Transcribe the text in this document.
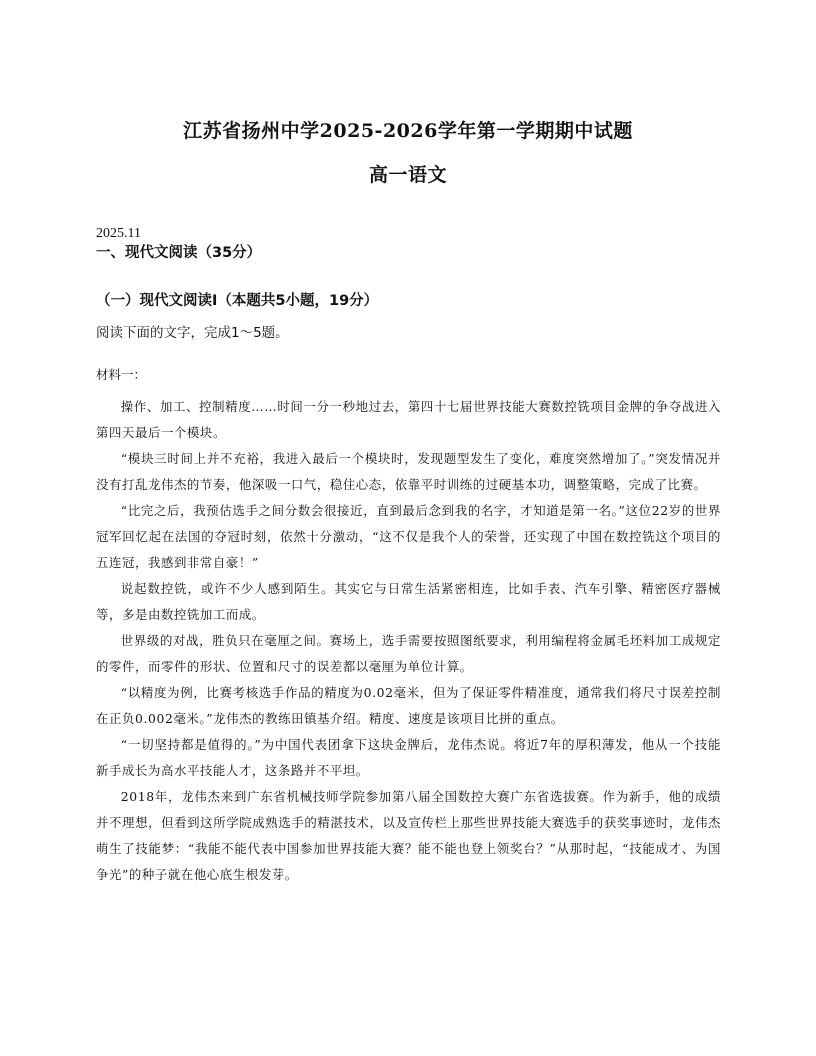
江苏省扬州中学2025-2026学年第一学期期中试题
高一语文
2025.11
一、现代文阅读（35分）
（一）现代文阅读Ⅰ（本题共5小题，19分）
阅读下面的文字，完成1～5题。
材料一：

操作、加工、控制精度……时间一分一秒地过去，第四十七届世界技能大赛数控铣项目金牌的争夺战进入第四天最后一个模块。

“模块三时间上并不充裕，我进入最后一个模块时，发现题型发生了变化，难度突然增加了。”突发情况并没有打乱龙伟杰的节奏，他深吸一口气，稳住心态，依靠平时训练的过硬基本功，调整策略，完成了比赛。

“比完之后，我预估选手之间分数会很接近，直到最后念到我的名字，才知道是第一名。”这位22岁的世界冠军回忆起在法国的夺冠时刻，依然十分激动，“这不仅是我个人的荣誉，还实现了中国在数控铣这个项目的五连冠，我感到非常自豪！”

说起数控铣，或许不少人感到陌生。其实它与日常生活紧密相连，比如手表、汽车引擎、精密医疗器械等，多是由数控铣加工而成。

世界级的对战，胜负只在毫厘之间。赛场上，选手需要按照图纸要求，利用编程将金属毛坯料加工成规定的零件，而零件的形状、位置和尺寸的误差都以毫厘为单位计算。

“以精度为例，比赛考核选手作品的精度为0.02毫米，但为了保证零件精准度，通常我们将尺寸误差控制在正负0.002毫米。”龙伟杰的教练田镇基介绍。精度、速度是该项目比拼的重点。

“一切坚持都是值得的。”为中国代表团拿下这块金牌后，龙伟杰说。将近7年的厚积薄发，他从一个技能新手成长为高水平技能人才，这条路并不平坦。

2018年，龙伟杰来到广东省机械技师学院参加第八届全国数控大赛广东省选拔赛。作为新手，他的成绩并不理想，但看到这所学院成熟选手的精湛技术，以及宣传栏上那些世界技能大赛选手的获奖事迹时，龙伟杰萌生了技能梦：“我能不能代表中国参加世界技能大赛？能不能也登上领奖台？”从那时起，“技能成才、为国争光”的种子就在他心底生根发芽。
